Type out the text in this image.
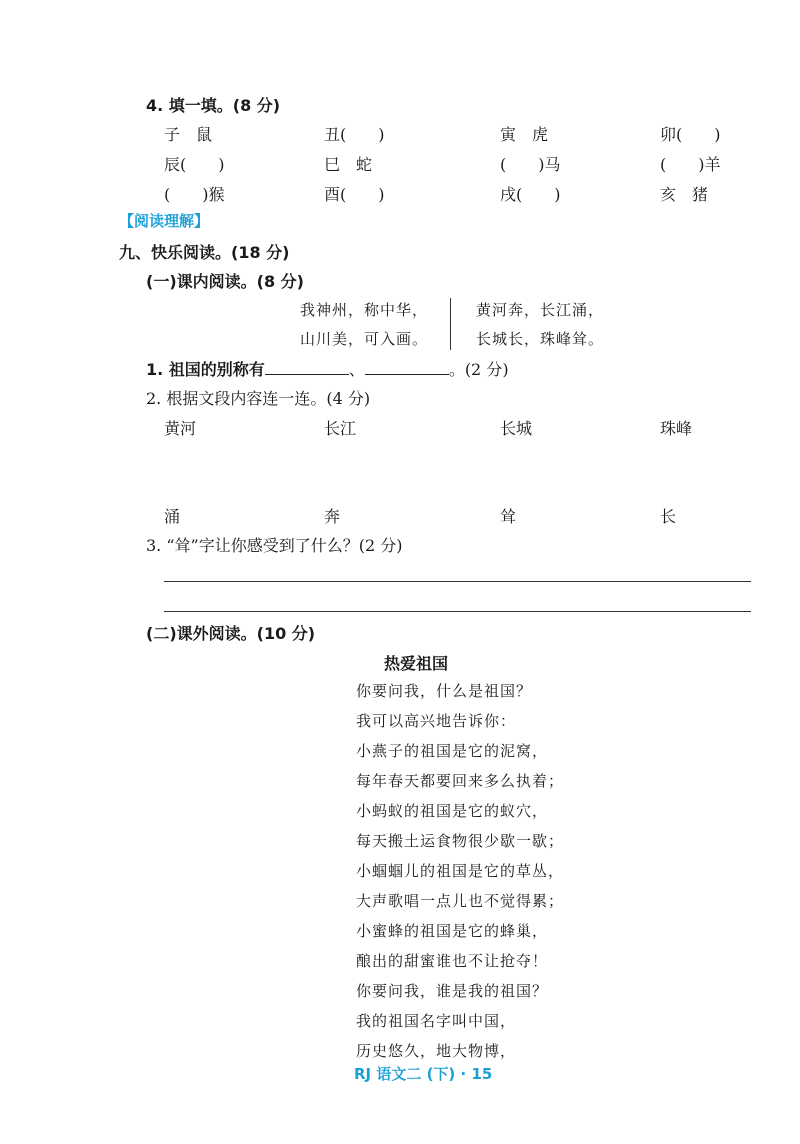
4. 填一填。(8 分)
子　鼠	丑(　　)	寅　虎	卯(　　)
辰(　　)	巳　蛇	(　　)马	(　　)羊
(　　)猴	酉(　　)	戌(　　)	亥　猪
【阅读理解】
九、快乐阅读。(18 分)
(一)课内阅读。(8 分)
我神州，称中华，
山川美，可入画。
黄河奔，长江涌，
长城长，珠峰耸。
1. 祖国的别称有	、	。(2 分)
2. 根据文段内容连一连。(4 分)
黄河	长江	长城	珠峰
涌	奔	耸	长
3. “耸”字让你感受到了什么？(2 分)
(二)课外阅读。(10 分)
热爱祖国
你要问我，什么是祖国？
我可以高兴地告诉你：
小燕子的祖国是它的泥窝，
每年春天都要回来多么执着；
小蚂蚁的祖国是它的蚁穴，
每天搬土运食物很少歇一歇；
小蝈蝈儿的祖国是它的草丛，
大声歌唱一点儿也不觉得累；
小蜜蜂的祖国是它的蜂巢，
酿出的甜蜜谁也不让抢夺！
你要问我，谁是我的祖国？
我的祖国名字叫中国，
历史悠久，地大物博，
RJ 语文二 (下) · 15
